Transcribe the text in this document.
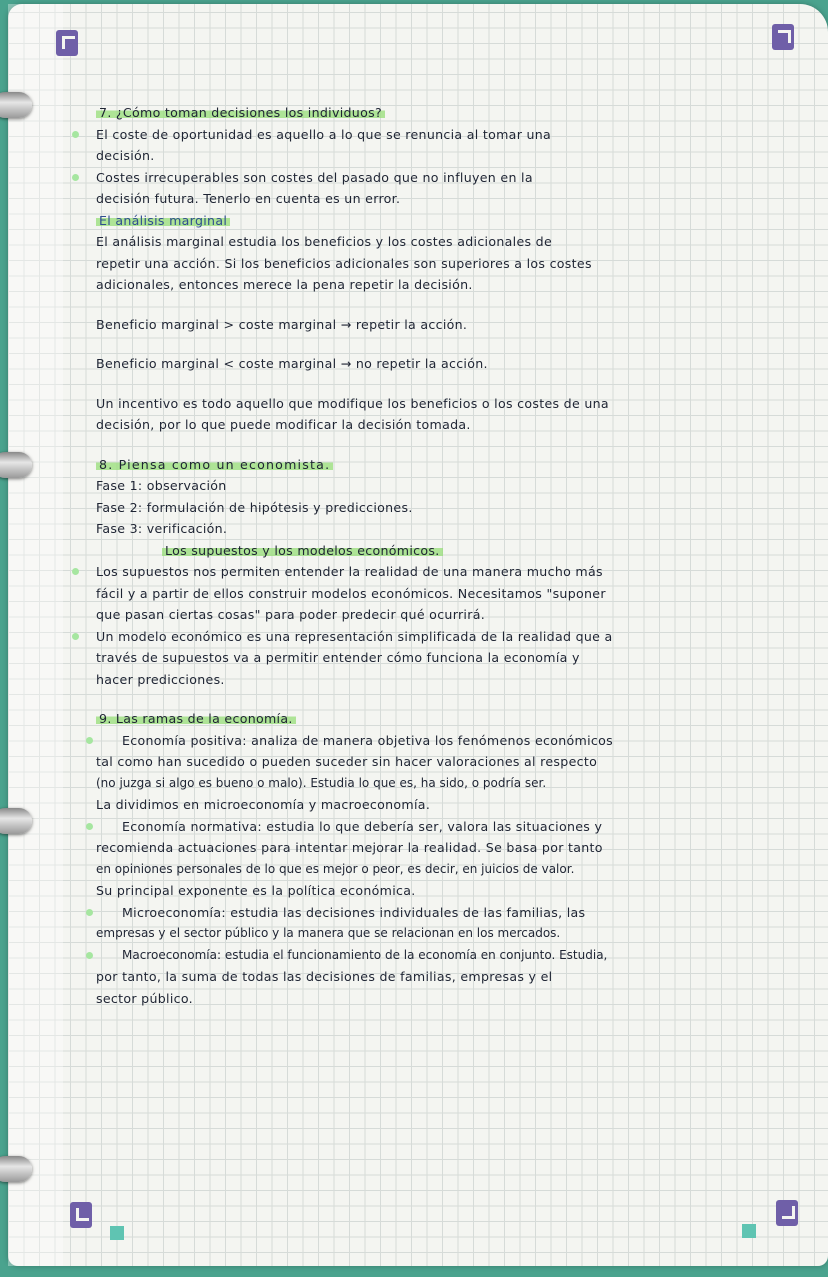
7. ¿Cómo toman decisiones los individuos?
El coste de oportunidad es aquello a lo que se renuncia al tomar una
decisión.
Costes irrecuperables son costes del pasado que no influyen en la
decisión futura. Tenerlo en cuenta es un error.
El análisis marginal
El análisis marginal estudia los beneficios y los costes adicionales de
repetir una acción. Si los beneficios adicionales son superiores a los costes
adicionales, entonces merece la pena repetir la decisión.
Beneficio marginal > coste marginal → repetir la acción.
Beneficio marginal < coste marginal → no repetir la acción.
Un incentivo es todo aquello que modifique los beneficios o los costes de una
decisión, por lo que puede modificar la decisión tomada.
8. Piensa como un economista.
Fase 1: observación
Fase 2: formulación de hipótesis y predicciones.
Fase 3: verificación.
Los supuestos y los modelos económicos.
Los supuestos nos permiten entender la realidad de una manera mucho más
fácil y a partir de ellos construir modelos económicos. Necesitamos "suponer
que pasan ciertas cosas" para poder predecir qué ocurrirá.
Un modelo económico es una representación simplificada de la realidad que a
través de supuestos va a permitir entender cómo funciona la economía y
hacer predicciones.
9. Las ramas de la economía.
Economía positiva: analiza de manera objetiva los fenómenos económicos
tal como han sucedido o pueden suceder sin hacer valoraciones al respecto
(no juzga si algo es bueno o malo). Estudia lo que es, ha sido, o podría ser.
La dividimos en microeconomía y macroeconomía.
Economía normativa: estudia lo que debería ser, valora las situaciones y
recomienda actuaciones para intentar mejorar la realidad. Se basa por tanto
en opiniones personales de lo que es mejor o peor, es decir, en juicios de valor.
Su principal exponente es la política económica.
Microeconomía: estudia las decisiones individuales de las familias, las
empresas y el sector público y la manera que se relacionan en los mercados.
Macroeconomía: estudia el funcionamiento de la economía en conjunto. Estudia,
por tanto, la suma de todas las decisiones de familias, empresas y el
sector público.
